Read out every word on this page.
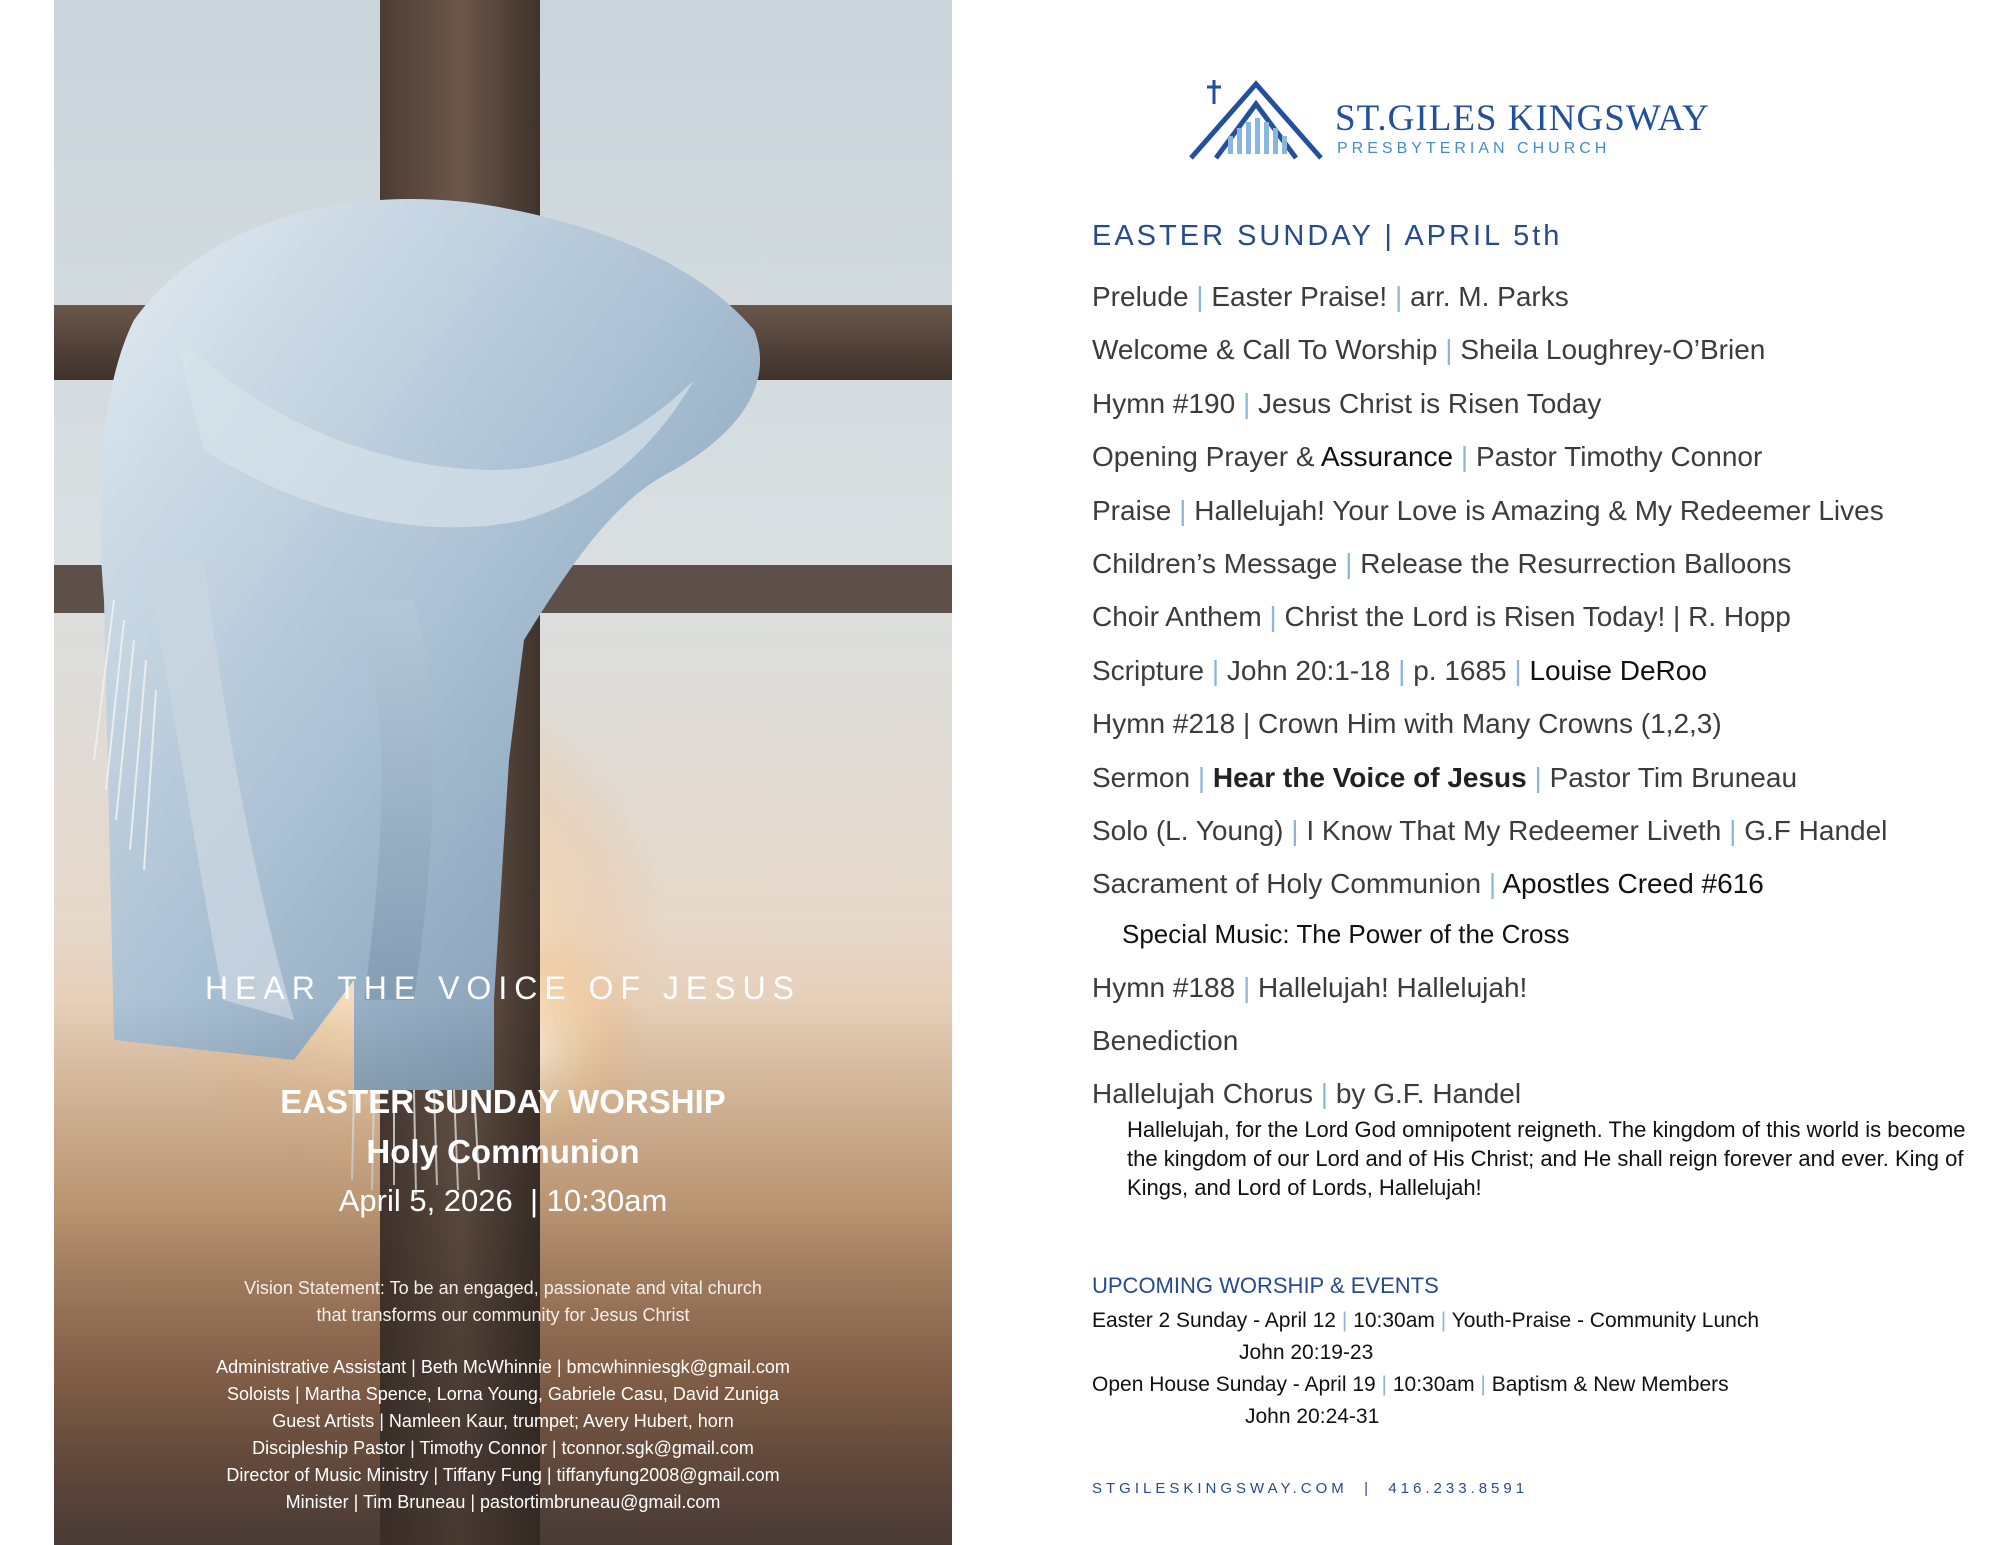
HEAR THE VOICE OF JESUS
EASTER SUNDAY WORSHIP
Holy Communion
April 5, 2026  | 10:30am
Vision Statement: To be an engaged, passionate and vital church
that transforms our community for Jesus Christ
Administrative Assistant | Beth McWhinnie | bmcwhinniesgk@gmail.com
Soloists | Martha Spence, Lorna Young, Gabriele Casu, David Zuniga
Guest Artists | Namleen Kaur, trumpet; Avery Hubert, horn
Discipleship Pastor | Timothy Connor | tconnor.sgk@gmail.com
Director of Music Ministry | Tiffany Fung | tiffanyfung2008@gmail.com
Minister | Tim Bruneau | pastortimbruneau@gmail.com
ST.GILES KINGSWAY
PRESBYTERIAN CHURCH
EASTER SUNDAY | APRIL 5th
Prelude | Easter Praise! | arr. M. Parks
Welcome & Call To Worship | Sheila Loughrey-O’Brien
Hymn #190 | Jesus Christ is Risen Today
Opening Prayer & Assurance | Pastor Timothy Connor
Praise | Hallelujah! Your Love is Amazing & My Redeemer Lives
Children’s Message | Release the Resurrection Balloons
Choir Anthem | Christ the Lord is Risen Today! | R. Hopp
Scripture | John 20:1-18 | p. 1685 | Louise DeRoo
Hymn #218 | Crown Him with Many Crowns (1,2,3)
Sermon | Hear the Voice of Jesus | Pastor Tim Bruneau
Solo (L. Young) | I Know That My Redeemer Liveth | G.F Handel
Sacrament of Holy Communion | Apostles Creed #616
Special Music: The Power of the Cross
Hymn #188 | Hallelujah! Hallelujah!
Benediction
Hallelujah Chorus | by G.F. Handel
Hallelujah, for the Lord God omnipotent reigneth. The kingdom of this world is become the kingdom of our Lord and of His Christ; and He shall reign forever and ever. King of Kings, and Lord of Lords, Hallelujah!
UPCOMING WORSHIP & EVENTS
Easter 2 Sunday - April 12 | 10:30am | Youth-Praise - Community Lunch
John 20:19-23
Open House Sunday - April 19 | 10:30am | Baptism & New Members
John 20:24-31
STGILESKINGSWAY.COM  |  416.233.8591
